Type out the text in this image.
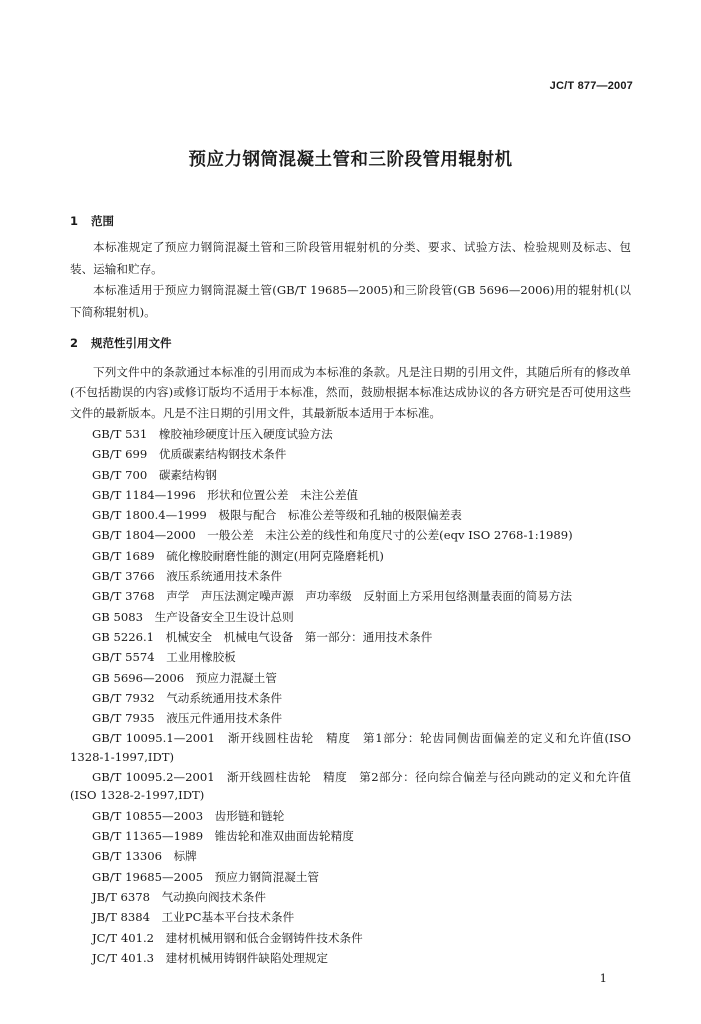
JC/T 877—2007
预应力钢筒混凝土管和三阶段管用辊射机
1 范围
本标准规定了预应力钢筒混凝土管和三阶段管用辊射机的分类、要求、试验方法、检验规则及标志、包装、运输和贮存。
本标准适用于预应力钢筒混凝土管(GB/T 19685—2005)和三阶段管(GB 5696—2006)用的辊射机(以下简称辊射机)。
2 规范性引用文件
下列文件中的条款通过本标准的引用而成为本标准的条款。凡是注日期的引用文件，其随后所有的修改单(不包括勘误的内容)或修订版均不适用于本标准，然而，鼓励根据本标准达成协议的各方研究是否可使用这些文件的最新版本。凡是不注日期的引用文件，其最新版本适用于本标准。
GB/T 531　橡胶袖珍硬度计压入硬度试验方法
GB/T 699　优质碳素结构钢技术条件
GB/T 700　碳素结构钢
GB/T 1184—1996　形状和位置公差　未注公差值
GB/T 1800.4—1999　极限与配合　标准公差等级和孔轴的极限偏差表
GB/T 1804—2000　一般公差　未注公差的线性和角度尺寸的公差(eqv ISO 2768-1:1989)
GB/T 1689　硫化橡胶耐磨性能的测定(用阿克隆磨耗机)
GB/T 3766　液压系统通用技术条件
GB/T 3768　声学　声压法测定噪声源　声功率级　反射面上方采用包络测量表面的简易方法
GB 5083　生产设备安全卫生设计总则
GB 5226.1　机械安全　机械电气设备　第一部分：通用技术条件
GB/T 5574　工业用橡胶板
GB 5696—2006　预应力混凝土管
GB/T 7932　气动系统通用技术条件
GB/T 7935　液压元件通用技术条件
GB/T 10095.1—2001　渐开线圆柱齿轮　精度　第1部分：轮齿同侧齿面偏差的定义和允许值(ISO 1328-1-1997,IDT)
GB/T 10095.2—2001　渐开线圆柱齿轮　精度　第2部分：径向综合偏差与径向跳动的定义和允许值(ISO 1328-2-1997,IDT)
GB/T 10855—2003　齿形链和链轮
GB/T 11365—1989　锥齿轮和准双曲面齿轮精度
GB/T 13306　标牌
GB/T 19685—2005　预应力钢筒混凝土管
JB/T 6378　气动换向阀技术条件
JB/T 8384　工业PC基本平台技术条件
JC/T 401.2　建材机械用钢和低合金钢铸件技术条件
JC/T 401.3　建材机械用铸钢件缺陷处理规定
1
